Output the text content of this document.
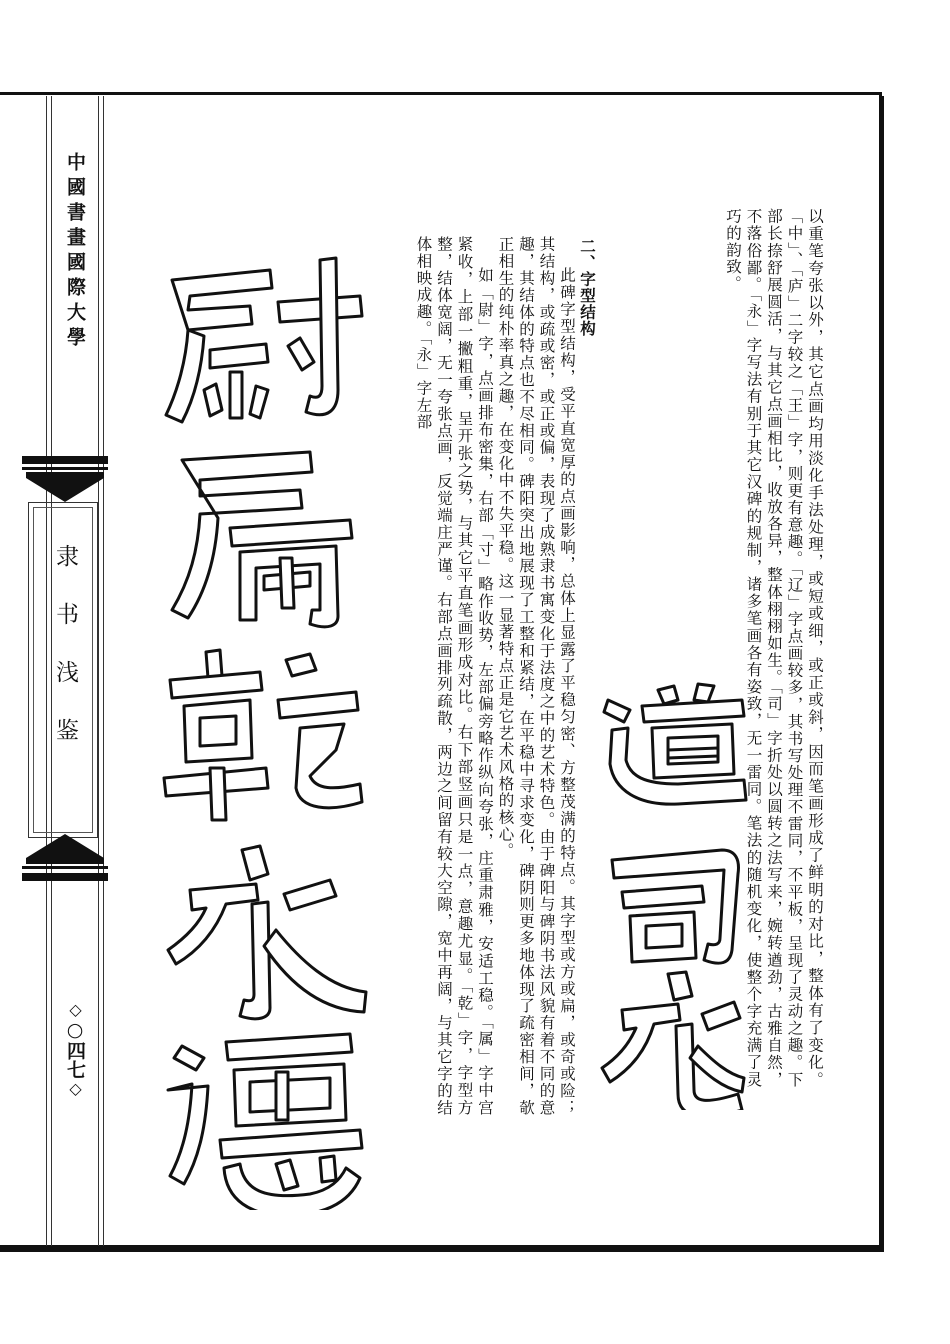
中國書畫國際大學
隶书浅鉴
◇○四七◇
以重笔夸张以外，其它点画均用淡化手法处理，或短或细，或正或斜，因而笔画形成了鲜明的对比，整体有了变化。「中」、「庐」二字较之「王」字，则更有意趣。「辽」字点画较多，其书写处理不雷同，不平板，呈现了灵动之趣。下部长捺舒展圆活，与其它点画相比，收放各异，整体栩栩如生。「司」字折处以圆转之法写来，婉转遒劲，古雅自然，不落俗鄙。「永」字写法有别于其它汉碑的规制，诸多笔画各有姿致，无一雷同。笔法的随机变化，使整个字充满了灵巧的韵致。
二、字型结构

此碑字型结构，受平直宽厚的点画影响，总体上显露了平稳匀密、方整茂满的特点。其字型或方或扁，或奇或险；其结构，或疏或密，或正或偏，表现了成熟隶书寓变化于法度之中的艺术特色。由于碑阳与碑阴书法风貌有着不同的意趣，其结体的特点也不尽相同。碑阳突出地展现了工整和紧结，在平稳中寻求变化，碑阴则更多地体现了疏密相间，欹正相生的纯朴率真之趣，在变化中不失平稳。这一显著特点正是它艺术风格的核心。

如「尉」字，点画排布密集，右部「寸」略作收势，左部偏旁略作纵向夸张，庄重肃雅，安适工稳。「属」字中宫紧收，上部一撇粗重，呈开张之势，与其它平直笔画形成对比。右下部竖画只是一点，意趣尤显。「乾」字，字型方整，结体宽阔，无一夸张点画，反觉端庄严谨。右部点画排列疏散，两边之间留有较大空隙，宽中再阔，与其它字的结体相映成趣。「永」字左部
